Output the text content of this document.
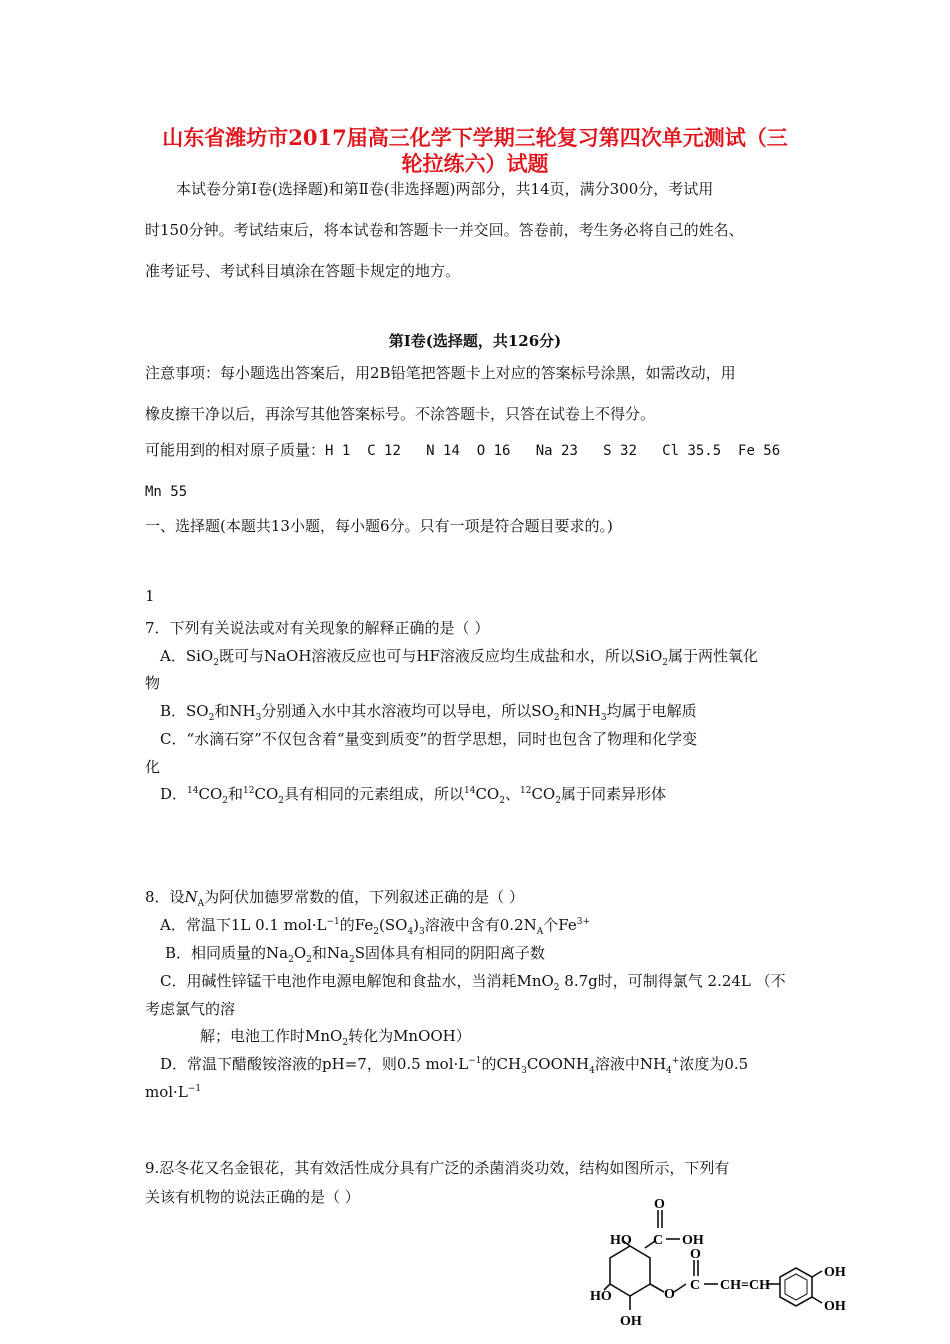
山东省潍坊市2017届高三化学下学期三轮复习第四次单元测试（三
轮拉练六）试题
本试卷分第Ⅰ卷(选择题)和第Ⅱ卷(非选择题)两部分，共14页，满分300分，考试用
时150分钟。考试结束后，将本试卷和答题卡一并交回。答卷前，考生务必将自己的姓名、
准考证号、考试科目填涂在答题卡规定的地方。
第Ⅰ卷(选择题，共126分)
注意事项：每小题选出答案后，用2B铅笔把答题卡上对应的答案标号涂黑，如需改动，用
橡皮擦干净以后，再涂写其他答案标号。不涂答题卡，只答在试卷上不得分。
可能用到的相对原子质量：H 1  C 12   N 14  O 16   Na 23   S 32   Cl 35.5  Fe 56
Mn 55
一、选择题(本题共13小题，每小题6分。只有一项是符合题目要求的。)
1
7．下列有关说法或对有关现象的解释正确的是（ ）
A．SiO$_2$既可与NaOH溶液反应也可与HF溶液反应均生成盐和水，所以SiO$_2$属于两性氧化
物
B．$SO_2$和$NH_3$分别通入水中其水溶液均可以导电，所以$SO_2$和$NH_3$均属于电解质
C．“水滴石穿”不仅包含着“量变到质变”的哲学思想，同时也包含了物理和化学变
化
D．$^{14}CO_2$和$^{12}CO_2$具有相同的元素组成，所以$^{14}CO_2$、$^{12}CO_2$属于同素异形体
8．设$N_A$为阿伏加德罗常数的值，下列叙述正确的是（ ）
A．常温下1L 0.1 $mol\cdot L^{-1}$的$Fe_2(SO_4)_3$溶液中含有$0.2N_A$个$Fe^{3+}$
B．相同质量的$Na_2O_2$和$Na_2S$固体具有相同的阴阳离子数
C．用碱性锌锰干电池作电源电解饱和食盐水，当消耗MnO$_2$ 8.7g时，可制得氯气 2.24L （不
考虑氯气的溶
解；电池工作时MnO$_2$转化为MnOOH）
D．常温下醋酸铵溶液的pH=7，则0.5 $mol\cdot L^{-1}$的$CH_3COONH_4$溶液中$NH_4^+$浓度为0.5
$mol\cdot L^{-1}$
9.忍冬花又名金银花，其有效活性成分具有广泛的杀菌消炎功效，结构如图所示，下列有
关该有机物的说法正确的是（ ）	O
HO C OH
O
O
C CH=CH
HO
OH
OH
OH
